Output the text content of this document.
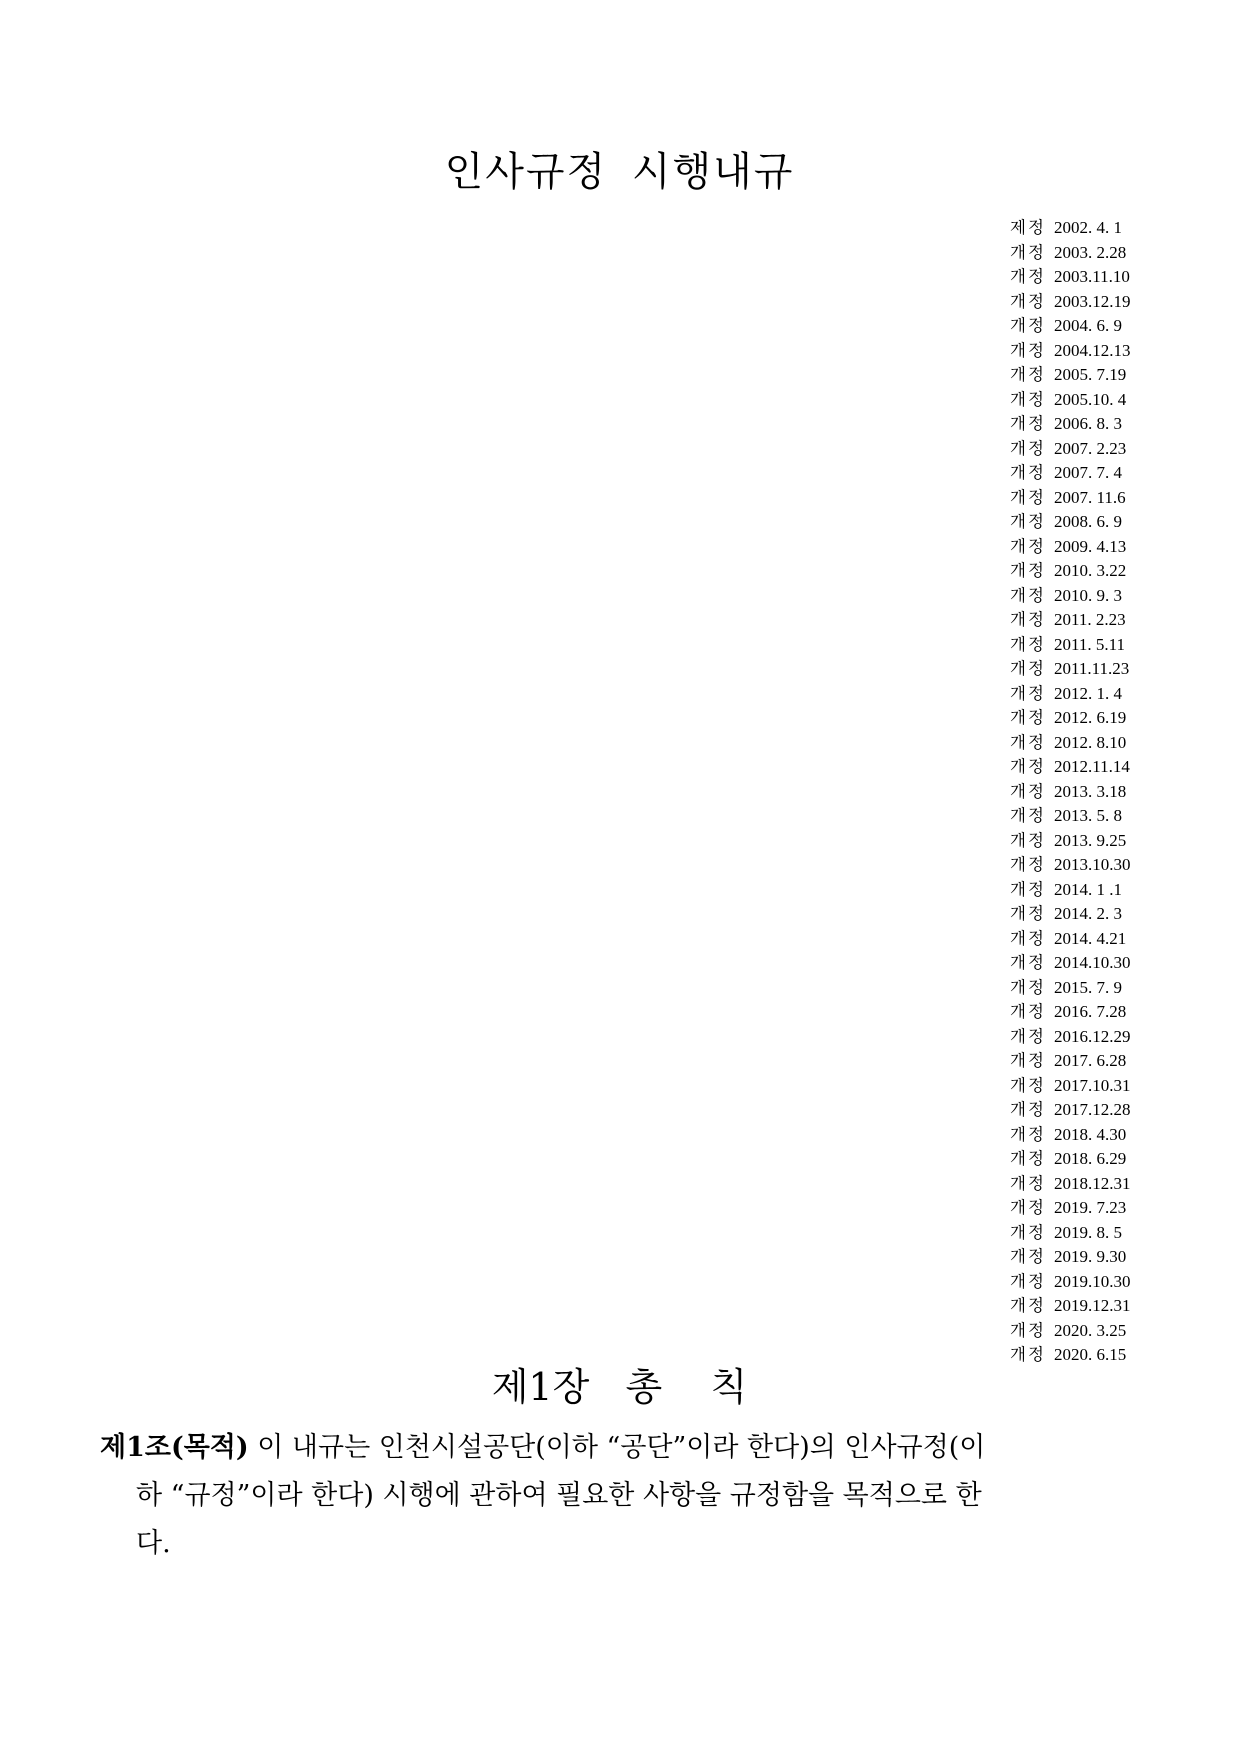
인사규정 시행내규
제정 2002. 4. 1
개정 2003. 2.28
개정 2003.11.10
개정 2003.12.19
개정 2004. 6. 9
개정 2004.12.13
개정 2005. 7.19
개정 2005.10. 4
개정 2006. 8. 3
개정 2007. 2.23
개정 2007. 7. 4
개정 2007. 11.6
개정 2008. 6. 9
개정 2009. 4.13
개정 2010. 3.22
개정 2010. 9. 3
개정 2011. 2.23
개정 2011. 5.11
개정 2011.11.23
개정 2012. 1. 4
개정 2012. 6.19
개정 2012. 8.10
개정 2012.11.14
개정 2013. 3.18
개정 2013. 5. 8
개정 2013. 9.25
개정 2013.10.30
개정 2014. 1 .1
개정 2014. 2. 3
개정 2014. 4.21
개정 2014.10.30
개정 2015. 7. 9
개정 2016. 7.28
개정 2016.12.29
개정 2017. 6.28
개정 2017.10.31
개정 2017.12.28
개정 2018. 4.30
개정 2018. 6.29
개정 2018.12.31
개정 2019. 7.23
개정 2019. 8. 5
개정 2019. 9.30
개정 2019.10.30
개정 2019.12.31
개정 2020. 3.25
개정 2020. 6.15
제1장   총    칙
제1조(목적) 이 내규는 인천시설공단(이하 “공단”이라 한다)의 인사규정(이
하 “규정”이라 한다) 시행에 관하여 필요한 사항을 규정함을 목적으로 한
다.
